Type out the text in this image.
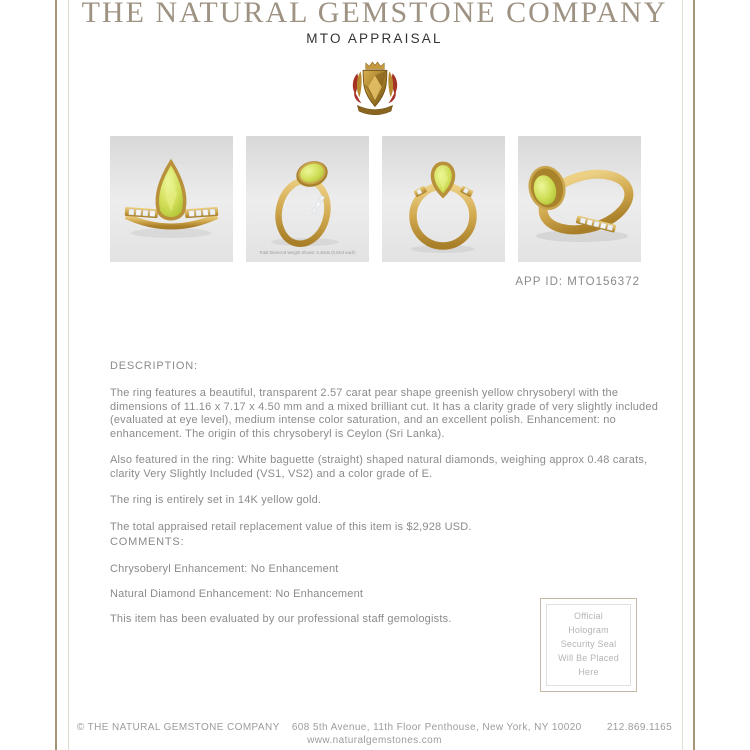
THE NATURAL GEMSTONE COMPANY
MTO APPRAISAL
Total Diamond Weight Shown: 0.48cts (0.04ct each)
APP ID: MTO156372
DESCRIPTION:

The ring features a beautiful, transparent 2.57 carat pear shape greenish yellow chrysoberyl with the dimensions of 11.16 x 7.17 x 4.50 mm and a mixed brilliant cut. It has a clarity grade of very slightly included (evaluated at eye level), medium intense color saturation, and an excellent polish. Enhancement: no enhancement. The origin of this chrysoberyl is Ceylon (Sri Lanka).

Also featured in the ring: White baguette (straight) shaped natural diamonds, weighing approx 0.48 carats, clarity Very Slightly Included (VS1, VS2) and a color grade of E.

The ring is entirely set in 14K yellow gold.

The total appraised retail replacement value of this item is $2,928 USD.

COMMENTS:
Chrysoberyl Enhancement: No Enhancement
Natural Diamond Enhancement: No Enhancement
This item has been evaluated by our professional staff gemologists.	Official Hologram Security Seal Will Be Placed Here
© THE NATURAL GEMSTONE COMPANY 608 5th Avenue, 11th Floor Penthouse, New York, NY 10020	212.869.1165
www.naturalgemstones.com
